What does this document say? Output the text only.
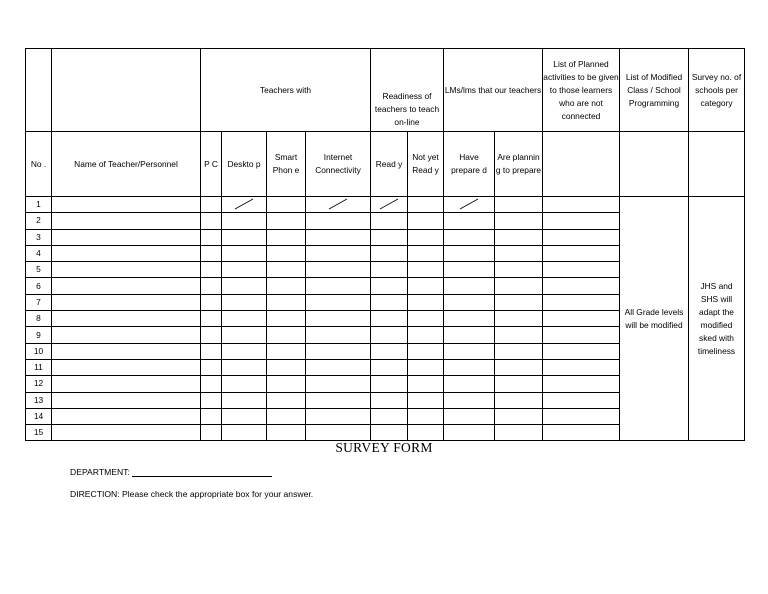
		Teachers with				Readiness of teachers to teach on-line		LMs/lms that our teachers		List of Planned activities to be given to those learners who are not connected	List of Modified Class / School Programming	Survey no. of schools per category
No .	Name of Teacher/Personnel	P C	Deskto p	Smart Phon e	Internet Connectivity	Read y	Not yet Read y	Have prepare d	Are plannin g to prepare			
1											All Grade levels will be modified	JHS and SHS will adapt the modified sked with timeliness
2												
3												
4												
5												
6												
7												
8												
9												
10												
11												
12												
13												
14												
15												
SURVEY FORM
DEPARTMENT:
DIRECTION: Please check the appropriate box for your answer.
